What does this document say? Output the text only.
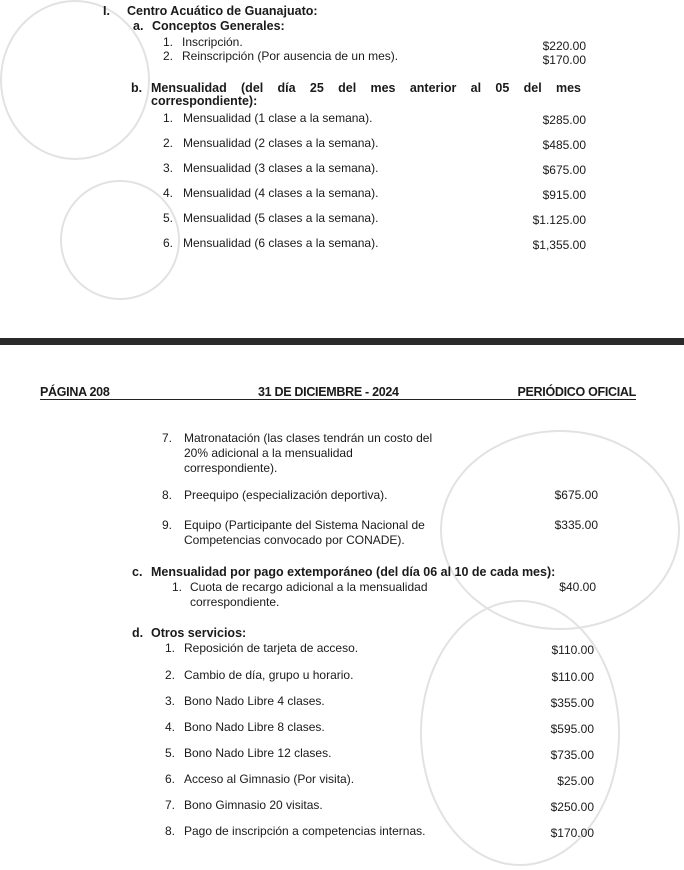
I. Centro Acuático de Guanajuato:
a. Conceptos Generales:
1. Inscripción.	$220.00
2. Reinscripción (Por ausencia de un mes).	$170.00
b. Mensualidad (del día 25 del mes anterior al 05 del mes
correspondiente):
1. Mensualidad (1 clase a la semana).	$285.00
2. Mensualidad (2 clases a la semana).	$485.00
3. Mensualidad (3 clases a la semana).	$675.00
4. Mensualidad (4 clases a la semana).	$915.00
5. Mensualidad (5 clases a la semana).	$1.125.00
6. Mensualidad (6 clases a la semana).	$1,355.00
PÁGINA 208	31 DE DICIEMBRE - 2024	PERIÓDICO OFICIAL
7. Matronatación (las clases tendrán un costo del
20% adicional a la mensualidad
correspondiente).
8. Preequipo (especialización deportiva).	$675.00
9. Equipo (Participante del Sistema Nacional de
Competencias convocado por CONADE).
$335.00
c. Mensualidad por pago extemporáneo (del día 06 al 10 de cada mes):
1. Cuota de recargo adicional a la mensualidad
correspondiente.
$40.00
d. Otros servicios:
1. Reposición de tarjeta de acceso.	$110.00
2. Cambio de día, grupo u horario.	$110.00
3. Bono Nado Libre 4 clases.	$355.00
4. Bono Nado Libre 8 clases.	$595.00
5. Bono Nado Libre 12 clases.	$735.00
6. Acceso al Gimnasio (Por visita).	$25.00
7. Bono Gimnasio 20 visitas.	$250.00
8. Pago de inscripción a competencias internas.	$170.00
